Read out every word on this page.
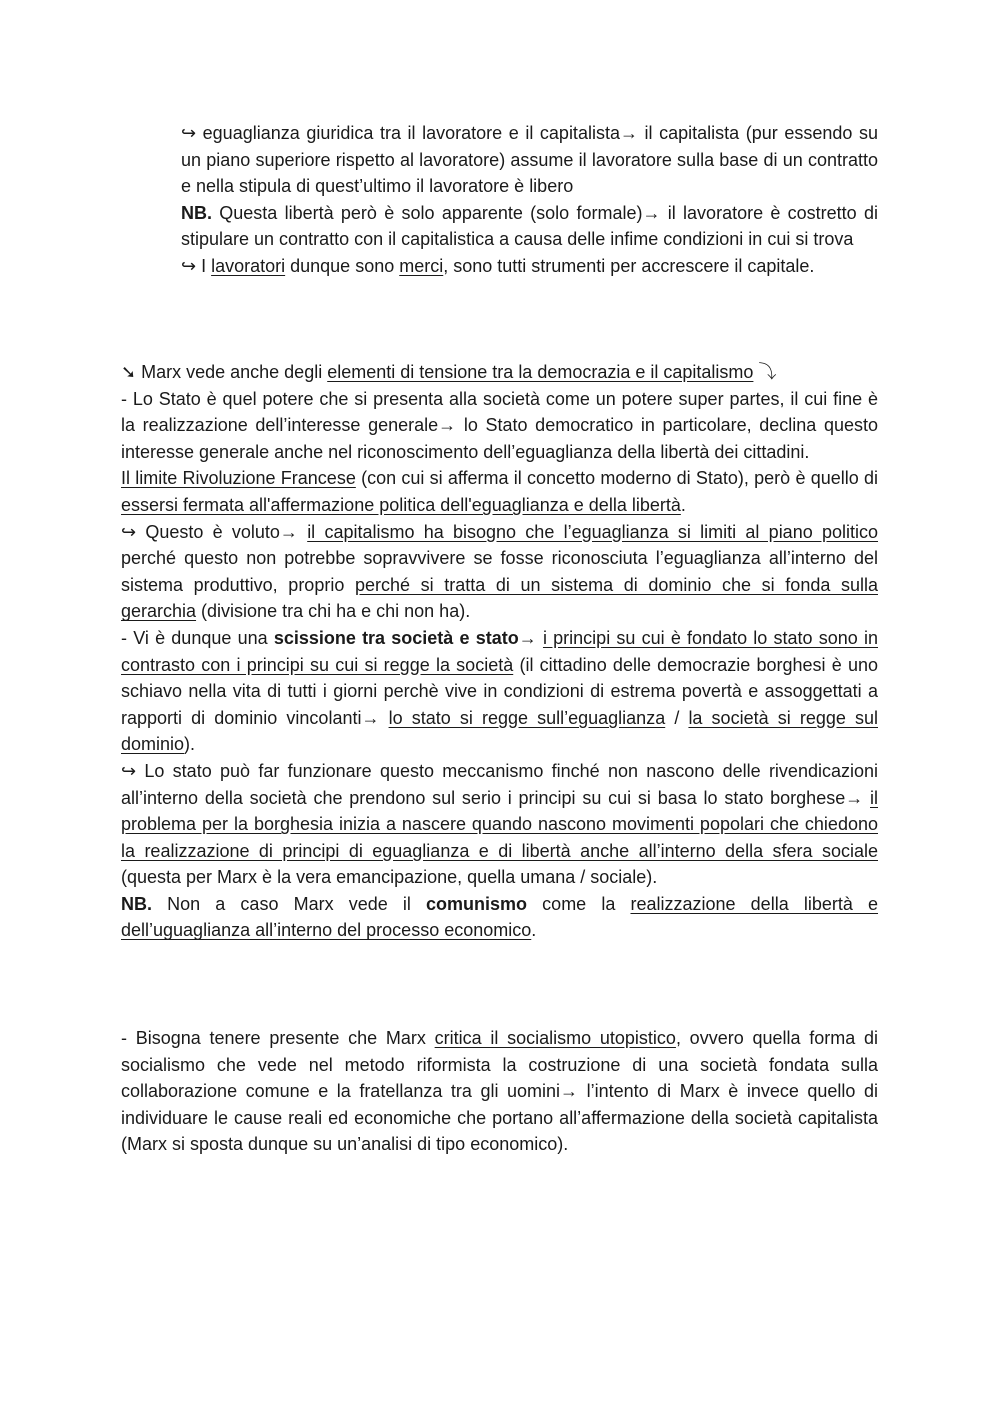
↪ eguaglianza giuridica tra il lavoratore e il capitalista→ il capitalista (pur essendo su un piano superiore rispetto al lavoratore) assume il lavoratore sulla base di un contratto e nella stipula di quest’ultimo il lavoratore è libero

NB. Questa libertà però è solo apparente (solo formale)→ il lavoratore è costretto di stipulare un contratto con il capitalistica a causa delle infime condizioni in cui si trova

↪ I lavoratori dunque sono merci, sono tutti strumenti per accrescere il capitale.

➘ Marx vede anche degli elementi di tensione tra la democrazia e il capitalismo ⤵

- Lo Stato è quel potere che si presenta alla società come un potere super partes, il cui fine è la realizzazione dell’interesse generale→ lo Stato democratico in particolare, declina questo interesse generale anche nel riconoscimento dell’eguaglianza della libertà dei cittadini.

Il limite Rivoluzione Francese (con cui si afferma il concetto moderno di Stato), però è quello di essersi fermata all'affermazione politica dell'eguaglianza e della libertà.

↪ Questo è voluto→ il capitalismo ha bisogno che l’eguaglianza si limiti al piano politico perché questo non potrebbe sopravvivere se fosse riconosciuta l’eguaglianza all’interno del sistema produttivo, proprio perché si tratta di un sistema di dominio che si fonda sulla gerarchia (divisione tra chi ha e chi non ha).

- Vi è dunque una scissione tra società e stato→ i principi su cui è fondato lo stato sono in contrasto con i principi su cui si regge la società (il cittadino delle democrazie borghesi è uno schiavo nella vita di tutti i giorni perchè vive in condizioni di estrema povertà e assoggettati a rapporti di dominio vincolanti→ lo stato si regge sull’eguaglianza / la società si regge sul dominio).

↪ Lo stato può far funzionare questo meccanismo finché non nascono delle rivendicazioni all’interno della società che prendono sul serio i principi su cui si basa lo stato borghese→ il problema per la borghesia inizia a nascere quando nascono movimenti popolari che chiedono la realizzazione di principi di eguaglianza e di libertà anche all’interno della sfera sociale (questa per Marx è la vera emancipazione, quella umana / sociale).

NB. Non a caso Marx vede il comunismo come la realizzazione della libertà e dell’uguaglianza all’interno del processo economico.

- Bisogna tenere presente che Marx critica il socialismo utopistico, ovvero quella forma di socialismo che vede nel metodo riformista la costruzione di una società fondata sulla collaborazione comune e la fratellanza tra gli uomini→ l’intento di Marx è invece quello di individuare le cause reali ed economiche che portano all’affermazione della società capitalista (Marx si sposta dunque su un’analisi di tipo economico).
